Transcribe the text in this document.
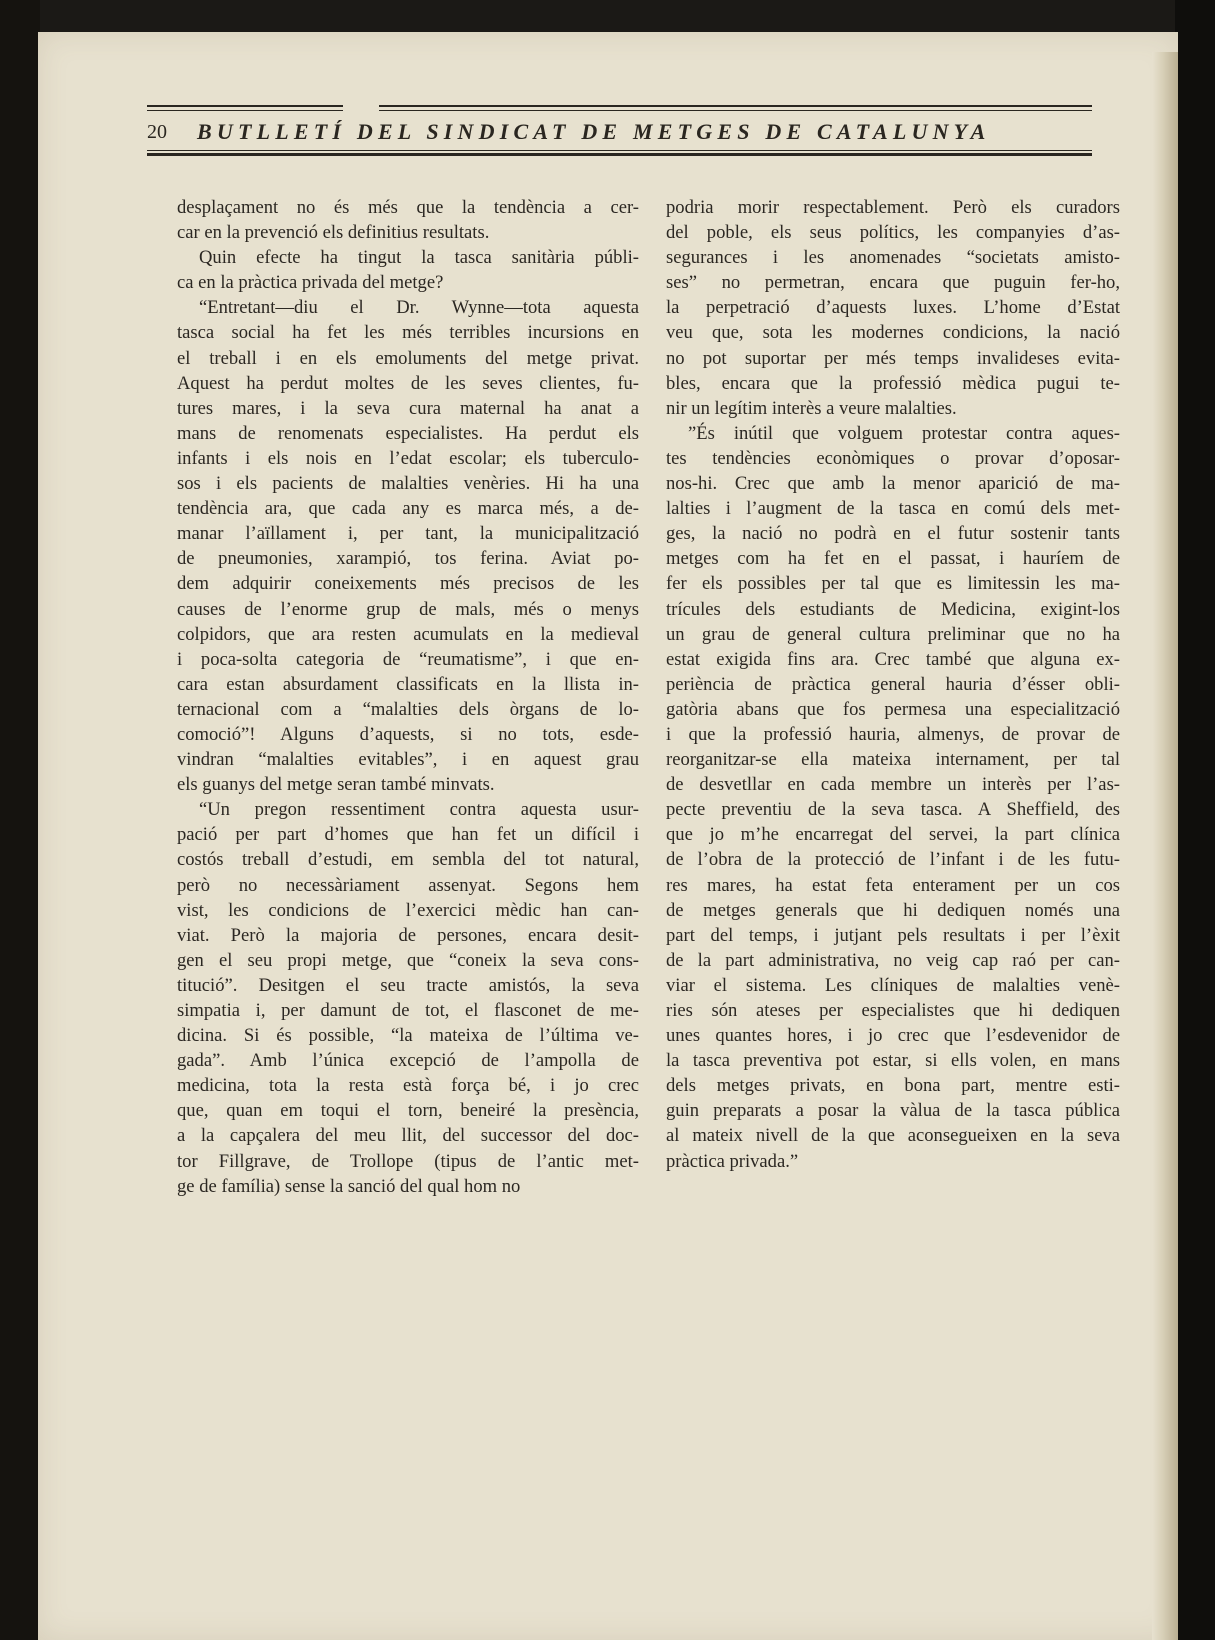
20	BUTLLETÍ DEL SINDICAT DE METGES DE CATALUNYA
desplaçament no és més que la tendència a cer-
car en la prevenció els definitius resultats.
Quin efecte ha tingut la tasca sanitària públi-
ca en la pràctica privada del metge?
“Entretant—diu el Dr. Wynne—tota aquesta
tasca social ha fet les més terribles incursions en
el treball i en els emoluments del metge privat.
Aquest ha perdut moltes de les seves clientes, fu-
tures mares, i la seva cura maternal ha anat a
mans de renomenats especialistes. Ha perdut els
infants i els nois en l’edat escolar; els tuberculo-
sos i els pacients de malalties venèries. Hi ha una
tendència ara, que cada any es marca més, a de-
manar l’aïllament i, per tant, la municipalització
de pneumonies, xarampió, tos ferina. Aviat po-
dem adquirir coneixements més precisos de les
causes de l’enorme grup de mals, més o menys
colpidors, que ara resten acumulats en la medieval
i poca-solta categoria de “reumatisme”, i que en-
cara estan absurdament classificats en la llista in-
ternacional com a “malalties dels òrgans de lo-
comoció”! Alguns d’aquests, si no tots, esde-
vindran “malalties evitables”, i en aquest grau
els guanys del metge seran també minvats.
“Un pregon ressentiment contra aquesta usur-
pació per part d’homes que han fet un difícil i
costós treball d’estudi, em sembla del tot natural,
però no necessàriament assenyat. Segons hem
vist, les condicions de l’exercici mèdic han can-
viat. Però la majoria de persones, encara desit-
gen el seu propi metge, que “coneix la seva cons-
titució”. Desitgen el seu tracte amistós, la seva
simpatia i, per damunt de tot, el flasconet de me-
dicina. Si és possible, “la mateixa de l’última ve-
gada”. Amb l’única excepció de l’ampolla de
medicina, tota la resta està força bé, i jo crec
que, quan em toqui el torn, beneiré la presència,
a la capçalera del meu llit, del successor del doc-
tor Fillgrave, de Trollope (tipus de l’antic met-
ge de família) sense la sanció del qual hom no
podria morir respectablement. Però els curadors
del poble, els seus polítics, les companyies d’as-
segurances i les anomenades “societats amisto-
ses” no permetran, encara que puguin fer-ho,
la perpetració d’aquests luxes. L’home d’Estat
veu que, sota les modernes condicions, la nació
no pot suportar per més temps invalideses evita-
bles, encara que la professió mèdica pugui te-
nir un legítim interès a veure malalties.
”És inútil que volguem protestar contra aques-
tes tendències econòmiques o provar d’oposar-
nos-hi. Crec que amb la menor aparició de ma-
lalties i l’augment de la tasca en comú dels met-
ges, la nació no podrà en el futur sostenir tants
metges com ha fet en el passat, i hauríem de
fer els possibles per tal que es limitessin les ma-
trícules dels estudiants de Medicina, exigint-los
un grau de general cultura preliminar que no ha
estat exigida fins ara. Crec també que alguna ex-
periència de pràctica general hauria d’ésser obli-
gatòria abans que fos permesa una especialització
i que la professió hauria, almenys, de provar de
reorganitzar-se ella mateixa internament, per tal
de desvetllar en cada membre un interès per l’as-
pecte preventiu de la seva tasca. A Sheffield, des
que jo m’he encarregat del servei, la part clínica
de l’obra de la protecció de l’infant i de les futu-
res mares, ha estat feta enterament per un cos
de metges generals que hi dediquen només una
part del temps, i jutjant pels resultats i per l’èxit
de la part administrativa, no veig cap raó per can-
viar el sistema. Les clíniques de malalties venè-
ries són ateses per especialistes que hi dediquen
unes quantes hores, i jo crec que l’esdevenidor de
la tasca preventiva pot estar, si ells volen, en mans
dels metges privats, en bona part, mentre esti-
guin preparats a posar la vàlua de la tasca pública
al mateix nivell de la que aconsegueixen en la seva
pràctica privada.”
